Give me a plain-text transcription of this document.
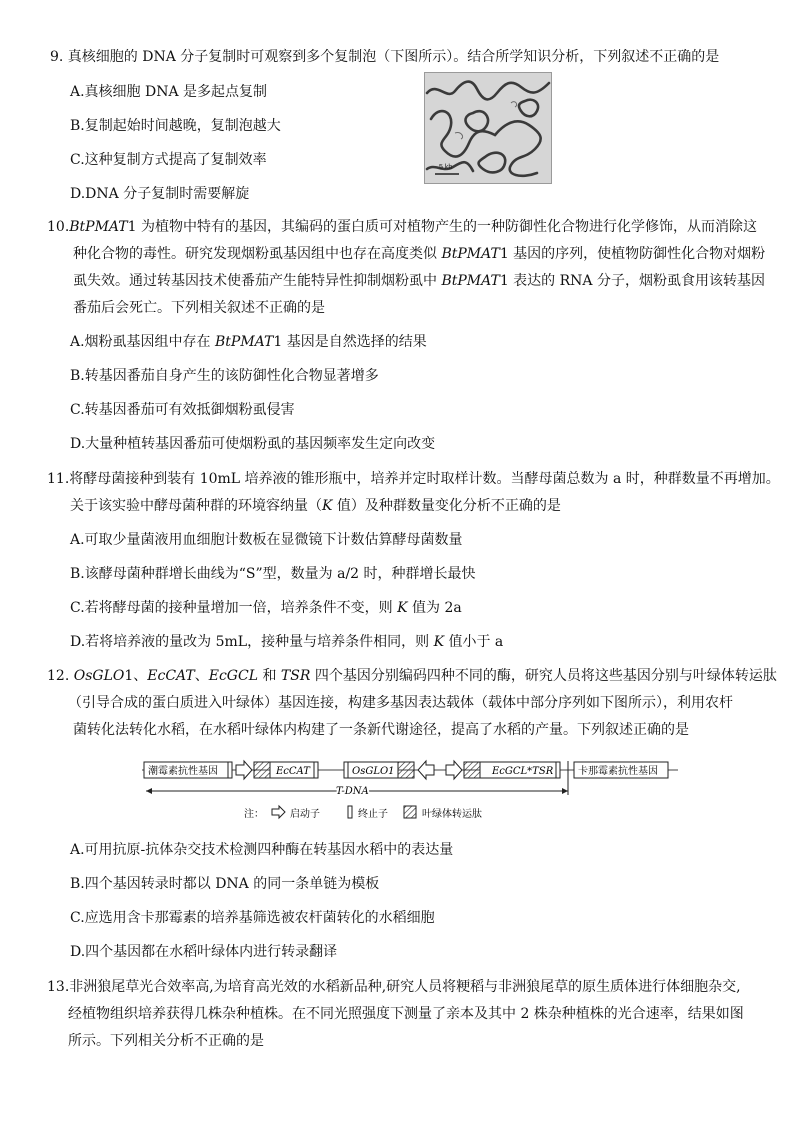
9. 真核细胞的 DNA 分子复制时可观察到多个复制泡（下图所示）。结合所学知识分析，下列叙述不正确的是
A.真核细胞 DNA 是多起点复制
B.复制起始时间越晚，复制泡越大
C.这种复制方式提高了复制效率
D.DNA 分子复制时需要解旋
5 kb
10.BtPMAT1 为植物中特有的基因，其编码的蛋白质可对植物产生的一种防御性化合物进行化学修饰，从而消除这
种化合物的毒性。研究发现烟粉虱基因组中也存在高度类似 BtPMAT1 基因的序列，使植物防御性化合物对烟粉
虱失效。通过转基因技术使番茄产生能特异性抑制烟粉虱中 BtPMAT1 表达的 RNA 分子，烟粉虱食用该转基因
番茄后会死亡。下列相关叙述不正确的是
A.烟粉虱基因组中存在 BtPMAT1 基因是自然选择的结果
B.转基因番茄自身产生的该防御性化合物显著增多
C.转基因番茄可有效抵御烟粉虱侵害
D.大量种植转基因番茄可使烟粉虱的基因频率发生定向改变
11.将酵母菌接种到装有 10mL 培养液的锥形瓶中，培养并定时取样计数。当酵母菌总数为 a 时，种群数量不再增加。
关于该实验中酵母菌种群的环境容纳量（K 值）及种群数量变化分析不正确的是
A.可取少量菌液用血细胞计数板在显微镜下计数估算酵母菌数量
B.该酵母菌种群增长曲线为“S”型，数量为 a/2 时，种群增长最快
C.若将酵母菌的接种量增加一倍，培养条件不变，则 K 值为 2a
D.若将培养液的量改为 5mL，接种量与培养条件相同，则 K 值小于 a
12. OsGLO1、EcCAT、EcGCL 和 TSR 四个基因分别编码四种不同的酶，研究人员将这些基因分别与叶绿体转运肽
（引导合成的蛋白质进入叶绿体）基因连接，构建多基因表达载体（载体中部分序列如下图所示），利用农杆
菌转化法转化水稻，在水稻叶绿体内构建了一条新代谢途径，提高了水稻的产量。下列叙述正确的是
潮霉素抗性基因	EcCAT	OsGLO1	EcGCL*TSR 卡那霉素抗性基因
T-DNA
注：	启动子	终止子	叶绿体转运肽
A.可用抗原-抗体杂交技术检测四种酶在转基因水稻中的表达量
B.四个基因转录时都以 DNA 的同一条单链为模板
C.应选用含卡那霉素的培养基筛选被农杆菌转化的水稻细胞
D.四个基因都在水稻叶绿体内进行转录翻译
13.非洲狼尾草光合效率高,为培育高光效的水稻新品种,研究人员将粳稻与非洲狼尾草的原生质体进行体细胞杂交,
经植物组织培养获得几株杂种植株。在不同光照强度下测量了亲本及其中 2 株杂种植株的光合速率，结果如图
所示。下列相关分析不正确的是
